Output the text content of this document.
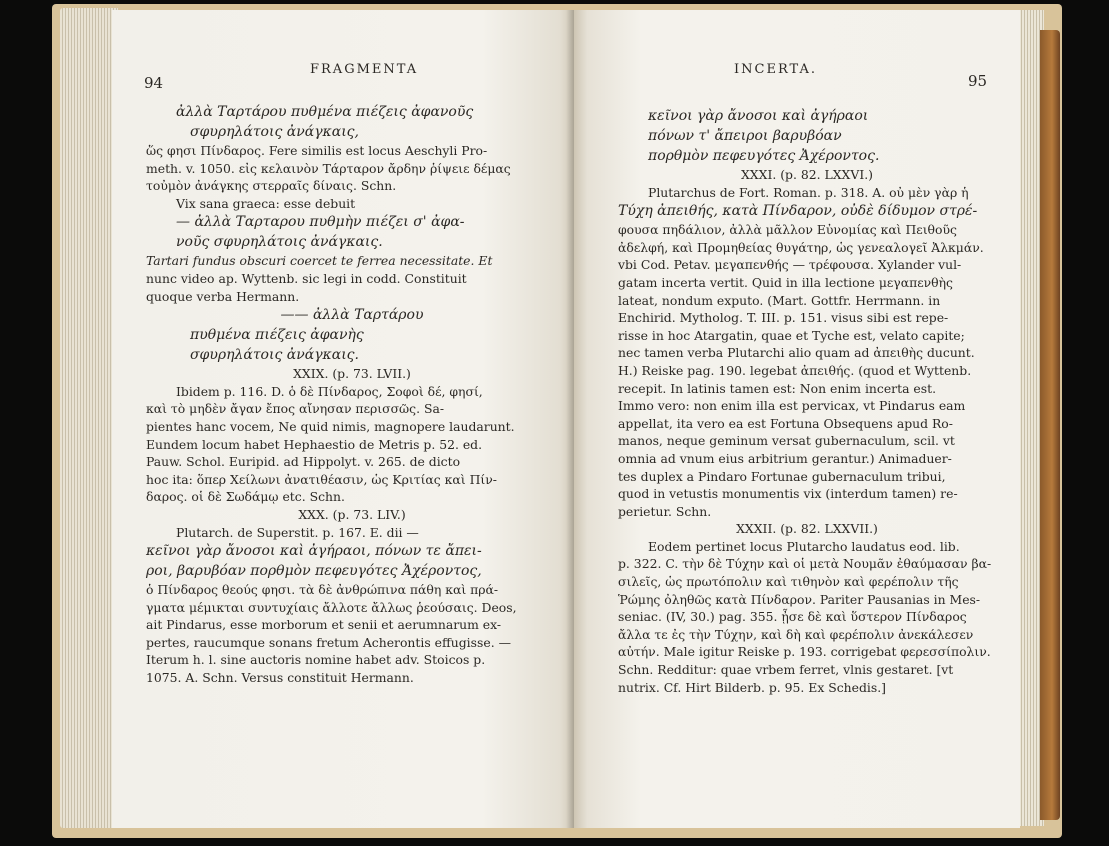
94
FRAGMENTA

ἀλλὰ Ταρτάρου πυθμένα πιέζεις ἀφανοῦς

σφυρηλάτοις ἀνάγκαις,

ὥς φησι Πίνδαρος. Fere similis est locus Aeschyli Pro-

meth. v. 1050. εἰς κελαινὸν Τάρταρον ἄρδην ῥίψειε δέμας

τοὐμὸν ἀνάγκης στερραῖς δίναις. Schn.

Vix sana graeca: esse debuit

— ἀλλὰ Ταρταρου πυθμὴν πιέζει σ' ἀφα-

νοῦς σφυρηλάτοις ἀνάγκαις.

Tartari fundus obscuri coercet te ferrea necessitate. Et

nunc video ap. Wyttenb. sic legi in codd. Constituit

quoque verba Hermann.

—— ἀλλὰ Ταρτάρου

πυθμένα πιέζεις ἀφανὴς

σφυρηλάτοις ἀνάγκαις.

XXIX. (p. 73. LVII.)

Ibidem p. 116. D. ὁ δὲ Πίνδαρος, Σοφοὶ δέ, φησί,

καὶ τὸ μηδὲν ἄγαν ἔπος αἴνησαν περισσῶς. Sa-

pientes hanc vocem, Ne quid nimis, magnopere laudarunt.

Eundem locum habet Hephaestio de Metris p. 52. ed.

Pauw. Schol. Euripid. ad Hippolyt. v. 265. de dicto

hoc ita: ὅπερ Χείλωνι ἀνατιθέασιν, ὡς Κριτίας καὶ Πίν-

δαρος. οἱ δὲ Σωδάμῳ etc. Schn.

XXX. (p. 73. LIV.)

Plutarch. de Superstit. p. 167. E. dii —

κεῖνοι γὰρ ἄνοσοι καὶ ἀγήραοι, πόνων τε ἄπει-

ροι, βαρυβόαν πορθμὸν πεφευγότες Ἀχέροντος,

ὁ Πίνδαρος θεούς φησι. τὰ δὲ ἀνθρώπινα πάθη καὶ πρά-

γματα μέμικται συντυχίαις ἄλλοτε ἄλλως ῥεούσαις. Deos,

ait Pindarus, esse morborum et senii et aerumnarum ex-

pertes, raucumque sonans fretum Acherontis effugisse. —

Iterum h. l. sine auctoris nomine habet adv. Stoicos p.

1075. A. Schn. Versus constituit Hermann.

INCERTA.
95

κεῖνοι γὰρ ἄνοσοι καὶ ἀγήραοι

πόνων τ' ἄπειροι βαρυβόαν

πορθμὸν πεφευγότες Ἀχέροντος.

XXXI. (p. 82. LXXVI.)

Plutarchus de Fort. Roman. p. 318. A. οὐ μὲν γὰρ ἡ

Τύχη ἀπειθής, κατὰ Πίνδαρον, οὐδὲ δίδυμον στρέ-

φουσα πηδάλιον, ἀλλὰ μᾶλλον Εὐνομίας καὶ Πειθοῦς

ἀδελφή, καὶ Προμηθείας θυγάτηρ, ὡς γενεαλογεῖ Ἀλκμάν.

vbi Cod. Petav. μεγαπενθής — τρέφουσα. Xylander vul-

gatam incerta vertit. Quid in illa lectione μεγαπενθὴς

lateat, nondum exputo. (Mart. Gottfr. Herrmann. in

Enchirid. Mytholog. T. III. p. 151. visus sibi est repe-

risse in hoc Atargatin, quae et Tyche est, velato capite;

nec tamen verba Plutarchi alio quam ad ἀπειθὴς ducunt.

H.) Reiske pag. 190. legebat ἀπειθής. (quod et Wyttenb.

recepit. In latinis tamen est: Non enim incerta est.

Immo vero: non enim illa est pervicax, vt Pindarus eam

appellat, ita vero ea est Fortuna Obsequens apud Ro-

manos, neque geminum versat gubernaculum, scil. vt

omnia ad vnum eius arbitrium gerantur.) Animaduer-

tes duplex a Pindaro Fortunae gubernaculum tribui,

quod in vetustis monumentis vix (interdum tamen) re-

perietur. Schn.

XXXII. (p. 82. LXXVII.)

Eodem pertinet locus Plutarcho laudatus eod. lib.

p. 322. C. τὴν δὲ Τύχην καὶ οἱ μετὰ Νουμᾶν ἐθαύμασαν βα-

σιλεῖς, ὡς πρωτόπολιν καὶ τιθηνὸν καὶ φερέπολιν τῆς

Ῥώμης ὀληθῶς κατὰ Πίνδαρον. Pariter Pausanias in Mes-

seniac. (IV, 30.) pag. 355. ᾖσε δὲ καὶ ὕστερον Πίνδαρος

ἄλλα τε ἐς τὴν Τύχην, καὶ δὴ καὶ φερέπολιν ἀνεκάλεσεν

αὐτήν. Male igitur Reiske p. 193. corrigebat φερεσσίπολιν.

Schn. Redditur: quae vrbem ferret, vlnis gestaret. [vt

nutrix. Cf. Hirt Bilderb. p. 95. Ex Schedis.]
